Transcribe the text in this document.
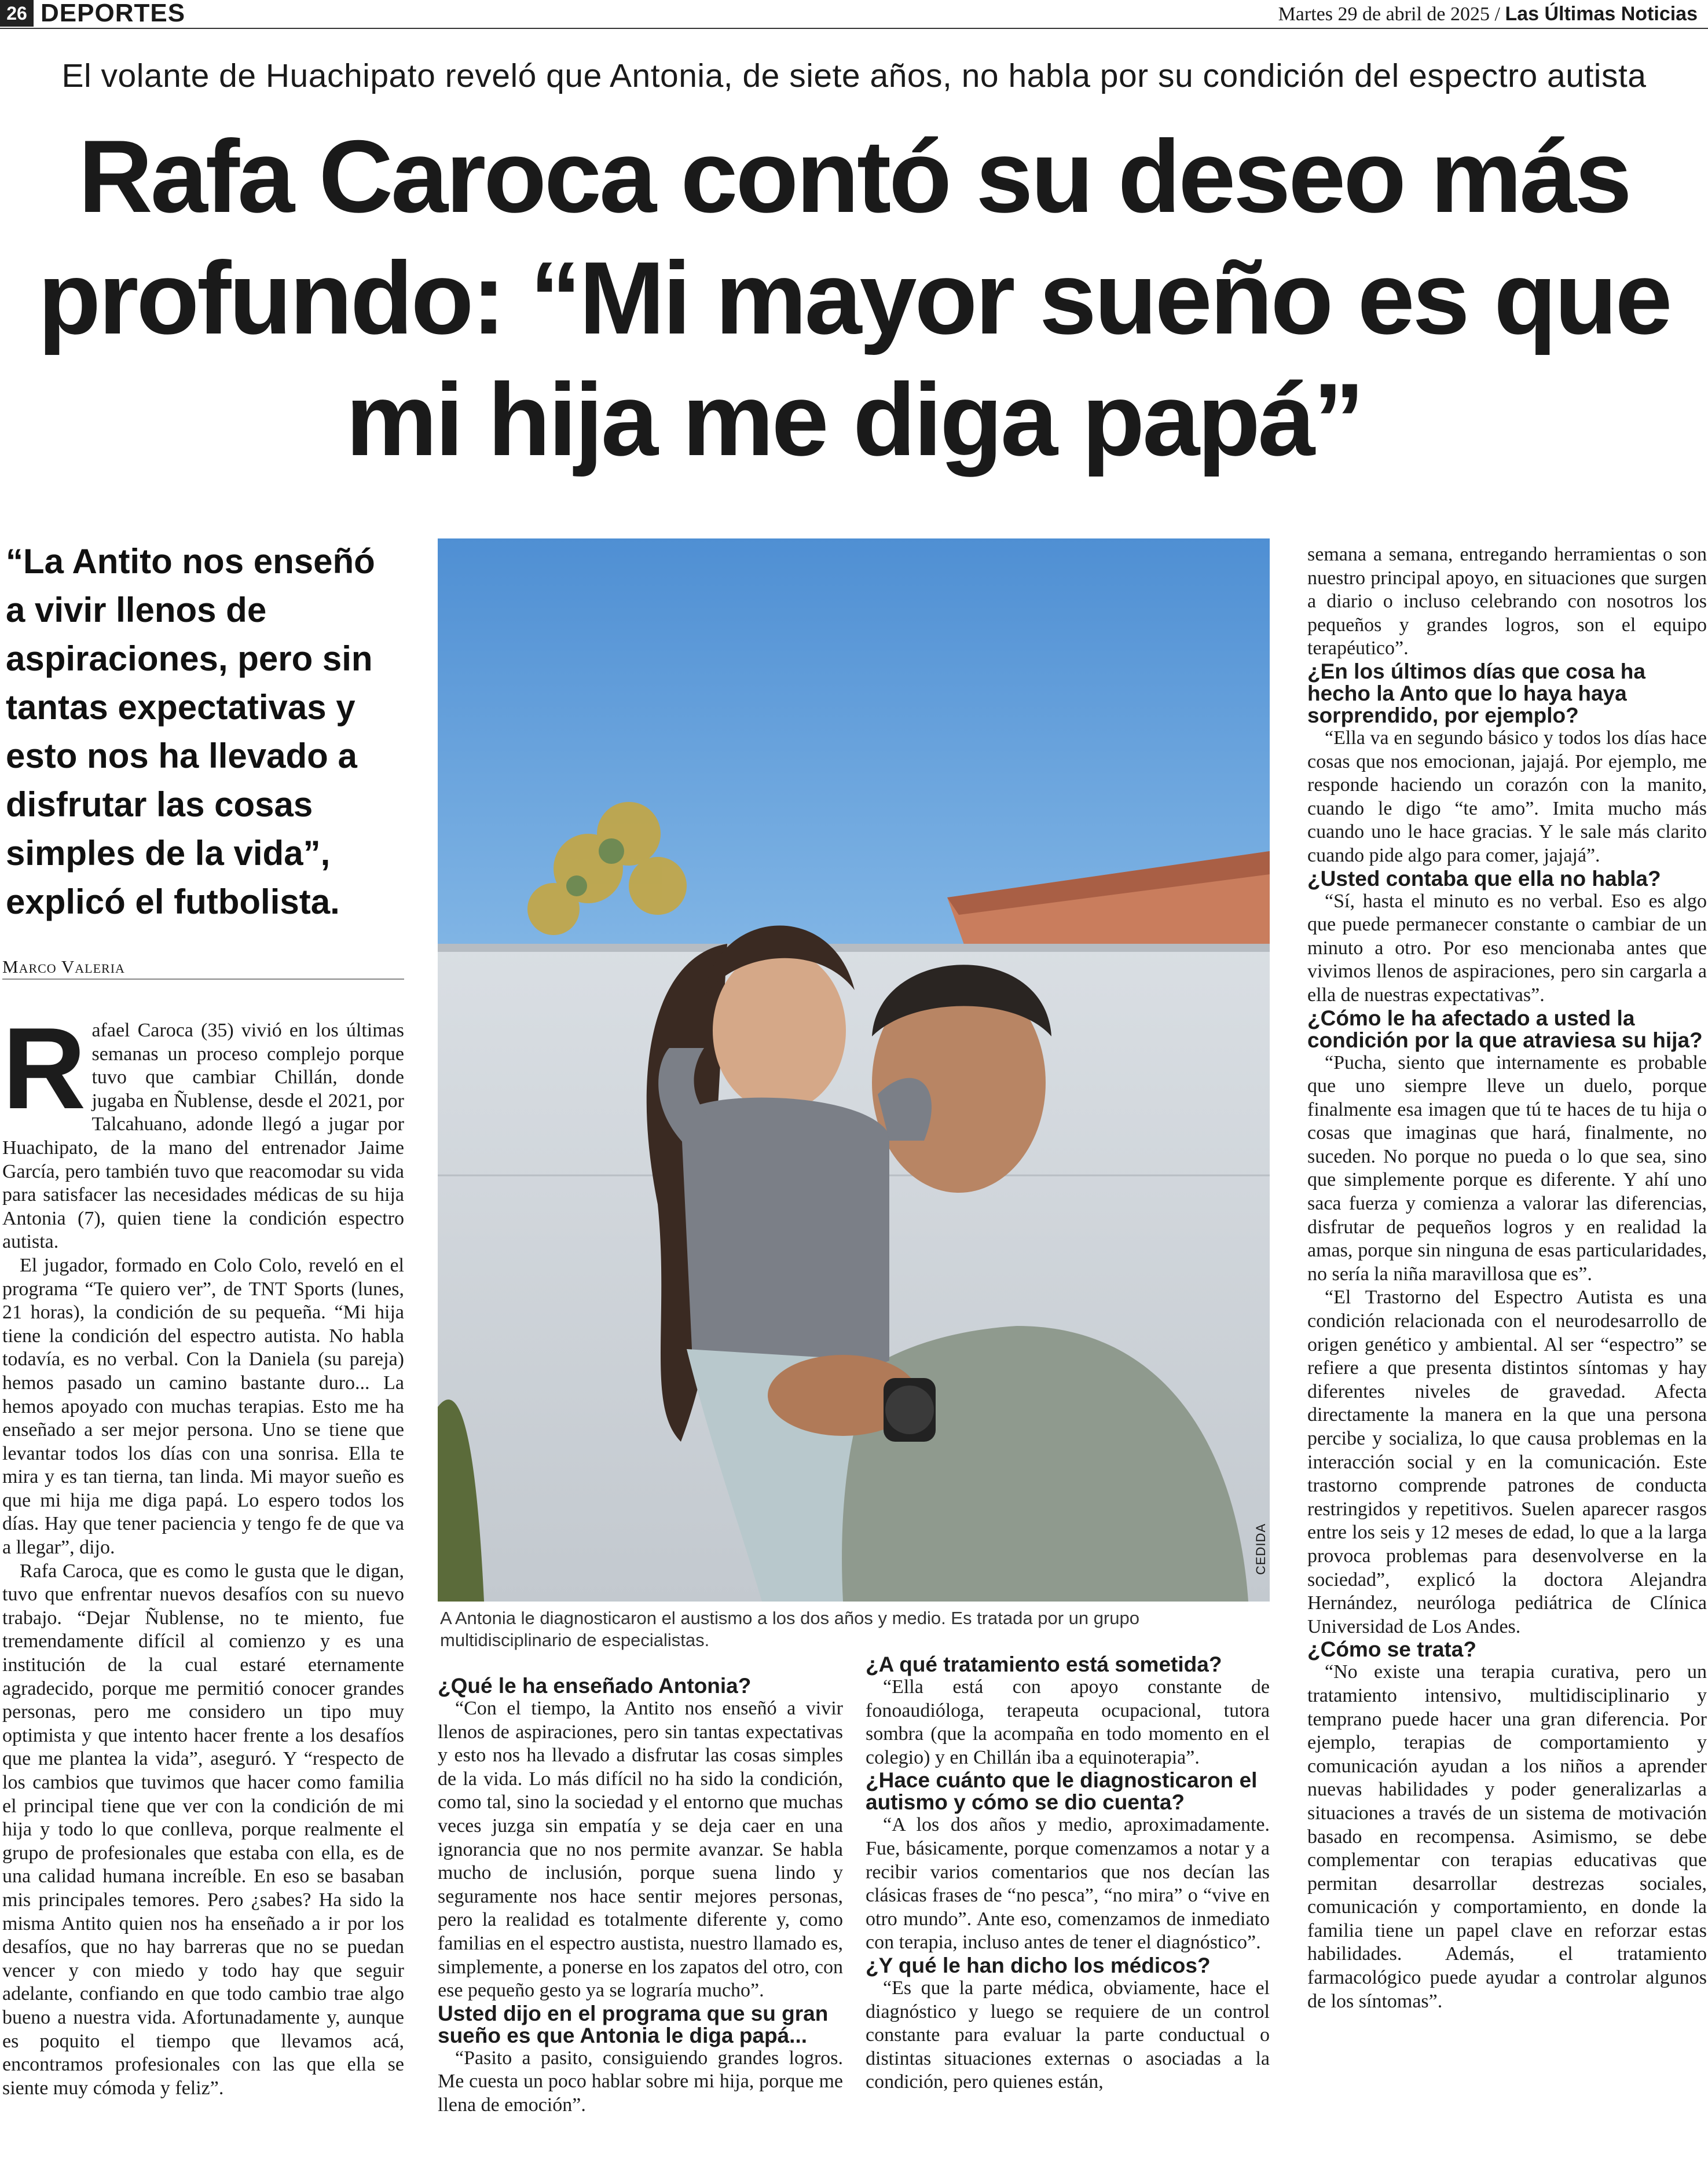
26 DEPORTES	Martes 29 de abril de 2025 / Las Últimas Noticias
El volante de Huachipato reveló que Antonia, de siete años, no habla por su condición del espectro autista
Rafa Caroca contó su deseo más
profundo: “Mi mayor sueño es que
mi hija me diga papá”
“La Antito nos enseñó a vivir llenos de aspiraciones, pero sin tantas expectativas y esto nos ha llevado a disfrutar las cosas simples de la vida”, explicó el futbolista.
Marco Valeria

Rafael Caroca (35) vivió en los últimas semanas un proceso complejo porque tuvo que cambiar Chillán, donde jugaba en Ñublense, desde el 2021, por Talcahuano, adonde llegó a jugar por Huachipato, de la mano del entrenador Jaime García, pero también tuvo que reacomodar su vida para satisfacer las necesidades médicas de su hija Antonia (7), quien tiene la condición espectro autista.

El jugador, formado en Colo Colo, reveló en el programa “Te quiero ver”, de TNT Sports (lunes, 21 horas), la condición de su pequeña. “Mi hija tiene la condición del espectro autista. No habla todavía, es no verbal. Con la Daniela (su pareja) hemos pasado un camino bastante duro... La hemos apoyado con muchas terapias. Esto me ha enseñado a ser mejor persona. Uno se tiene que levantar todos los días con una sonrisa. Ella te mira y es tan tierna, tan linda. Mi mayor sueño es que mi hija me diga papá. Lo espero todos los días. Hay que tener paciencia y tengo fe de que va a llegar”, dijo.

Rafa Caroca, que es como le gusta que le digan, tuvo que enfrentar nuevos desafíos con su nuevo trabajo. “Dejar Ñublense, no te miento, fue tremendamente difícil al comienzo y es una institución de la cual estaré eternamente agradecido, porque me permitió conocer grandes personas, pero me considero un tipo muy optimista y que intento hacer frente a los desafíos que me plantea la vida”, aseguró. Y “respecto de los cambios que tuvimos que hacer como familia el principal tiene que ver con la condición de mi hija y todo lo que conlleva, porque realmente el grupo de profesionales que estaba con ella, es de una calidad humana increíble. En eso se basaban mis principales temores. Pero ¿sabes? Ha sido la misma Antito quien nos ha enseñado a ir por los desafíos, que no hay barreras que no se puedan vencer y con miedo y todo hay que seguir adelante, confiando en que todo cambio trae algo bueno a nuestra vida. Afortunadamente y, aunque es poquito el tiempo que llevamos acá, encontramos profesionales con las que ella se siente muy cómoda y feliz”.

CEDIDA
A Antonia le diagnosticaron el austismo a los dos años y medio. Es tratada por un grupo multidisciplinario de especialistas.

¿Qué le ha enseñado Antonia?

“Con el tiempo, la Antito nos enseñó a vivir llenos de aspiraciones, pero sin tantas expectativas y esto nos ha llevado a disfrutar las cosas simples de la vida. Lo más difícil no ha sido la condición, como tal, sino la sociedad y el entorno que muchas veces juzga sin empatía y se deja caer en una ignorancia que no nos permite avanzar. Se habla mucho de inclusión, porque suena lindo y seguramente nos hace sentir mejores personas, pero la realidad es totalmente diferente y, como familias en el espectro austista, nuestro llamado es, simplemente, a ponerse en los zapatos del otro, con ese pequeño gesto ya se lograría mucho”.

Usted dijo en el programa que su gran sueño es que Antonia le diga papá...

“Pasito a pasito, consiguiendo grandes logros. Me cuesta un poco hablar sobre mi hija, porque me llena de emoción”.

¿A qué tratamiento está sometida?

“Ella está con apoyo constante de fonoaudióloga, terapeuta ocupacional, tutora sombra (que la acompaña en todo momento en el colegio) y en Chillán iba a equinoterapia”.

¿Hace cuánto que le diagnosticaron el autismo y cómo se dio cuenta?

“A los dos años y medio, aproximadamente. Fue, básicamente, porque comenzamos a notar y a recibir varios comentarios que nos decían las clásicas frases de “no pesca”, “no mira” o “vive en otro mundo”. Ante eso, comenzamos de inmediato con terapia, incluso antes de tener el diagnóstico”.

¿Y qué le han dicho los médicos?

“Es que la parte médica, obviamente, hace el diagnóstico y luego se requiere de un control constante para evaluar la parte conductual o distintas situaciones externas o asociadas a la condición, pero quienes están,

semana a semana, entregando herramientas o son nuestro principal apoyo, en situaciones que surgen a diario o incluso celebrando con nosotros los pequeños y grandes logros, son el equipo terapéutico”.

¿En los últimos días que cosa ha hecho la Anto que lo haya haya sorprendido, por ejemplo?

“Ella va en segundo básico y todos los días hace cosas que nos emocionan, jajajá. Por ejemplo, me responde haciendo un corazón con la manito, cuando le digo “te amo”. Imita mucho más cuando uno le hace gracias. Y le sale más clarito cuando pide algo para comer, jajajá”.

¿Usted contaba que ella no habla?

“Sí, hasta el minuto es no verbal. Eso es algo que puede permanecer constante o cambiar de un minuto a otro. Por eso mencionaba antes que vivimos llenos de aspiraciones, pero sin cargarla a ella de nuestras expectativas”.

¿Cómo le ha afectado a usted la condición por la que atraviesa su hija?

“Pucha, siento que internamente es probable que uno siempre lleve un duelo, porque finalmente esa imagen que tú te haces de tu hija o cosas que imaginas que hará, finalmente, no suceden. No porque no pueda o lo que sea, sino que simplemente porque es diferente. Y ahí uno saca fuerza y comienza a valorar las diferencias, disfrutar de pequeños logros y en realidad la amas, porque sin ninguna de esas particularidades, no sería la niña maravillosa que es”.

“El Trastorno del Espectro Autista es una condición relacionada con el neurodesarrollo de origen genético y ambiental. Al ser “espectro” se refiere a que presenta distintos síntomas y hay diferentes niveles de gravedad. Afecta directamente la manera en la que una persona percibe y socializa, lo que causa problemas en la interacción social y en la comunicación. Este trastorno comprende patrones de conducta restringidos y repetitivos. Suelen aparecer rasgos entre los seis y 12 meses de edad, lo que a la larga provoca problemas para desenvolverse en la sociedad”, explicó la doctora Alejandra Hernández, neuróloga pediátrica de Clínica Universidad de Los Andes.

¿Cómo se trata?

“No existe una terapia curativa, pero un tratamiento intensivo, multidisciplinario y temprano puede hacer una gran diferencia. Por ejemplo, terapias de comportamiento y comunicación ayudan a los niños a aprender nuevas habilidades y poder generalizarlas a situaciones a través de un sistema de motivación basado en recompensa. Asimismo, se debe complementar con terapias educativas que permitan desarrollar destrezas sociales, comunicación y comportamiento, en donde la familia tiene un papel clave en reforzar estas habilidades. Además, el tratamiento farmacológico puede ayudar a controlar algunos de los síntomas”.
